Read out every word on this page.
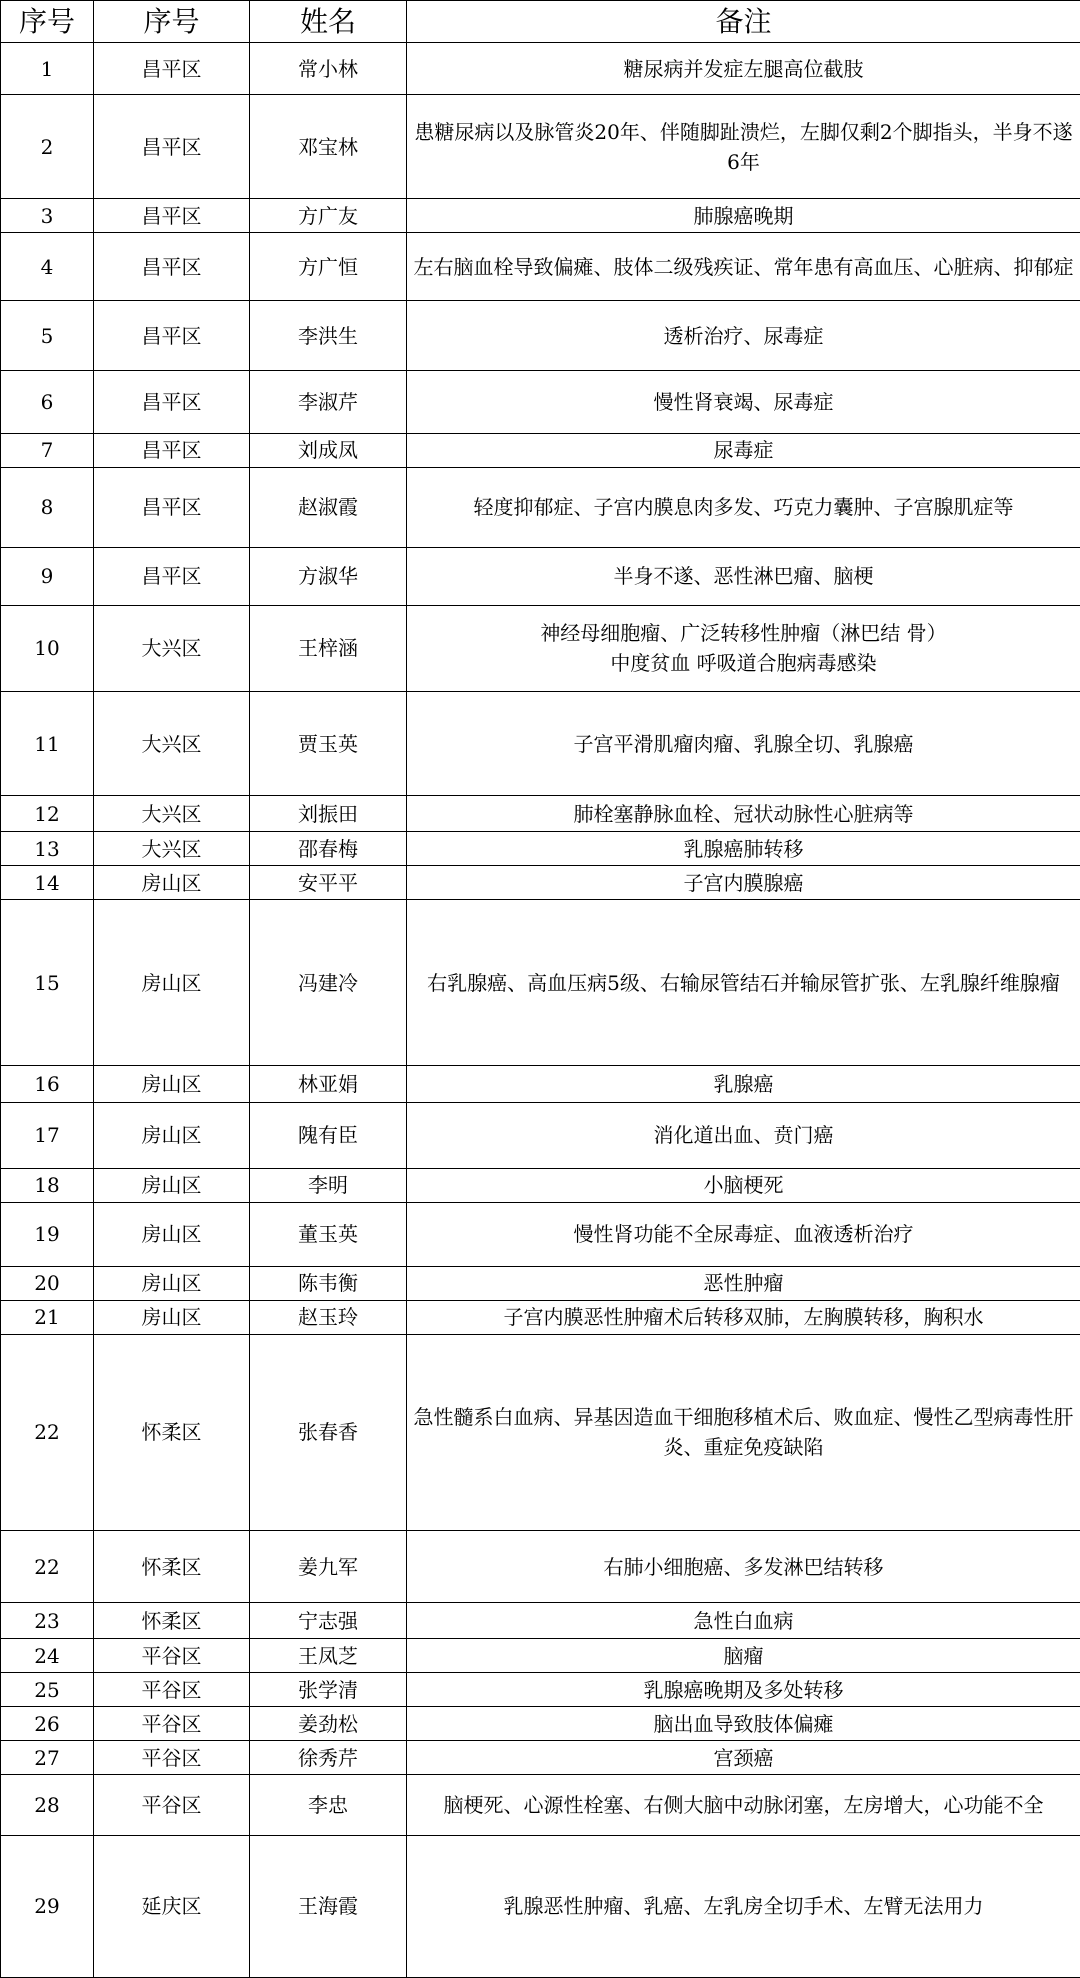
序号	序号	姓名	备注
1	昌平区	常小林	糖尿病并发症左腿高位截肢
2	昌平区	邓宝林	患糖尿病以及脉管炎20年、伴随脚趾溃烂，左脚仅剩2个脚指头，半身不遂6年
3	昌平区	方广友	肺腺癌晚期
4	昌平区	方广恒	左右脑血栓导致偏瘫、肢体二级残疾证、常年患有高血压、心脏病、抑郁症
5	昌平区	李洪生	透析治疗、尿毒症
6	昌平区	李淑芹	慢性肾衰竭、尿毒症
7	昌平区	刘成凤	尿毒症
8	昌平区	赵淑霞	轻度抑郁症、子宫内膜息肉多发、巧克力囊肿、子宫腺肌症等
9	昌平区	方淑华	半身不遂、恶性淋巴瘤、脑梗
10	大兴区	王梓涵	神经母细胞瘤、广泛转移性肿瘤（淋巴结 骨）
中度贫血 呼吸道合胞病毒感染

11	大兴区	贾玉英	子宫平滑肌瘤肉瘤、乳腺全切、乳腺癌
12	大兴区	刘振田	肺栓塞静脉血栓、冠状动脉性心脏病等
13	大兴区	邵春梅	乳腺癌肺转移
14	房山区	安平平	子宫内膜腺癌
15	房山区	冯建冷	右乳腺癌、高血压病5级、右输尿管结石并输尿管扩张、左乳腺纤维腺瘤
16	房山区	林亚娟	乳腺癌
17	房山区	隗有臣	消化道出血、贲门癌
18	房山区	李明	小脑梗死
19	房山区	董玉英	慢性肾功能不全尿毒症、血液透析治疗
20	房山区	陈韦衡	恶性肿瘤
21	房山区	赵玉玲	子宫内膜恶性肿瘤术后转移双肺，左胸膜转移，胸积水
22	怀柔区	张春香	急性髓系白血病、异基因造血干细胞移植术后、败血症、慢性乙型病毒性肝炎、重症免疫缺陷
22	怀柔区	姜九军	右肺小细胞癌、多发淋巴结转移
23	怀柔区	宁志强	急性白血病
24	平谷区	王凤芝	脑瘤
25	平谷区	张学清	乳腺癌晚期及多处转移
26	平谷区	姜劲松	脑出血导致肢体偏瘫
27	平谷区	徐秀芹	宫颈癌
28	平谷区	李忠	脑梗死、心源性栓塞、右侧大脑中动脉闭塞，左房增大，心功能不全
29	延庆区	王海霞	乳腺恶性肿瘤、乳癌、左乳房全切手术、左臂无法用力
